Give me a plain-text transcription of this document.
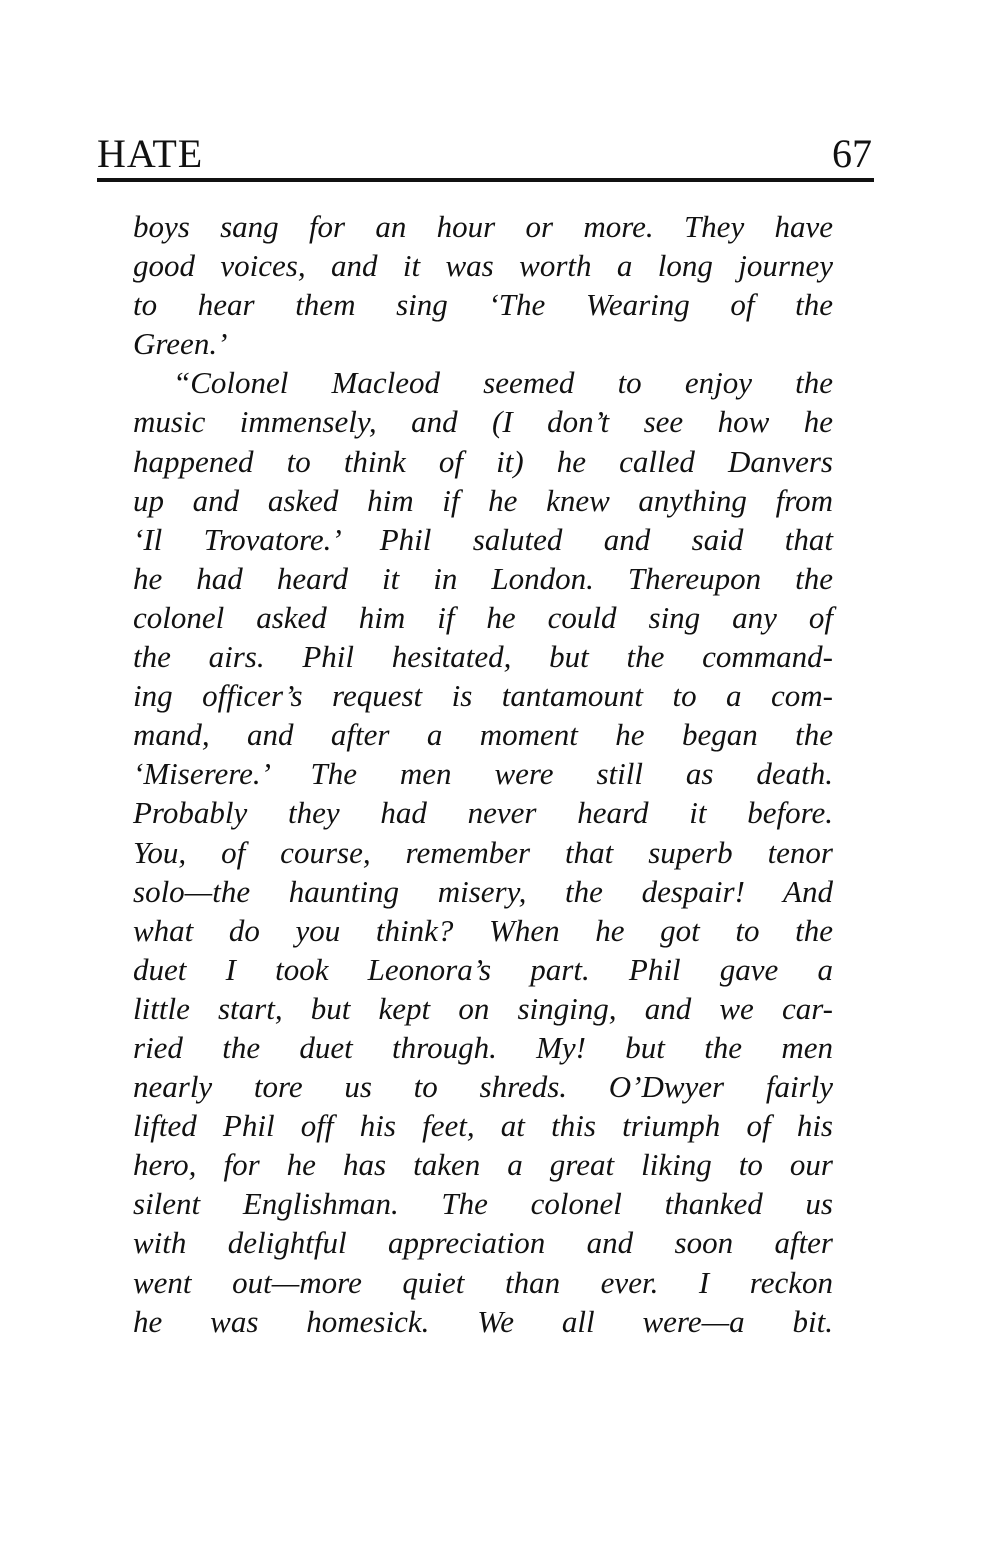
HATE	67
boys sang for an hour or more. They have
good voices, and it was worth a long journey
to hear them sing ‘The Wearing of the
Green.’
“Colonel Macleod seemed to enjoy the
music immensely, and (I don’t see how he
happened to think of it) he called Danvers
up and asked him if he knew anything from
‘Il Trovatore.’ Phil saluted and said that
he had heard it in London. Thereupon the
colonel asked him if he could sing any of
the airs. Phil hesitated, but the command-
ing officer’s request is tantamount to a com-
mand, and after a moment he began the
‘Miserere.’ The men were still as death.
Probably they had never heard it before.
You, of course, remember that superb tenor
solo—the haunting misery, the despair! And
what do you think? When he got to the
duet I took Leonora’s part. Phil gave a
little start, but kept on singing, and we car-
ried the duet through. My! but the men
nearly tore us to shreds. O’Dwyer fairly
lifted Phil off his feet, at this triumph of his
hero, for he has taken a great liking to our
silent Englishman. The colonel thanked us
with delightful appreciation and soon after
went out—more quiet than ever. I reckon
he was homesick. We all were—a bit.
